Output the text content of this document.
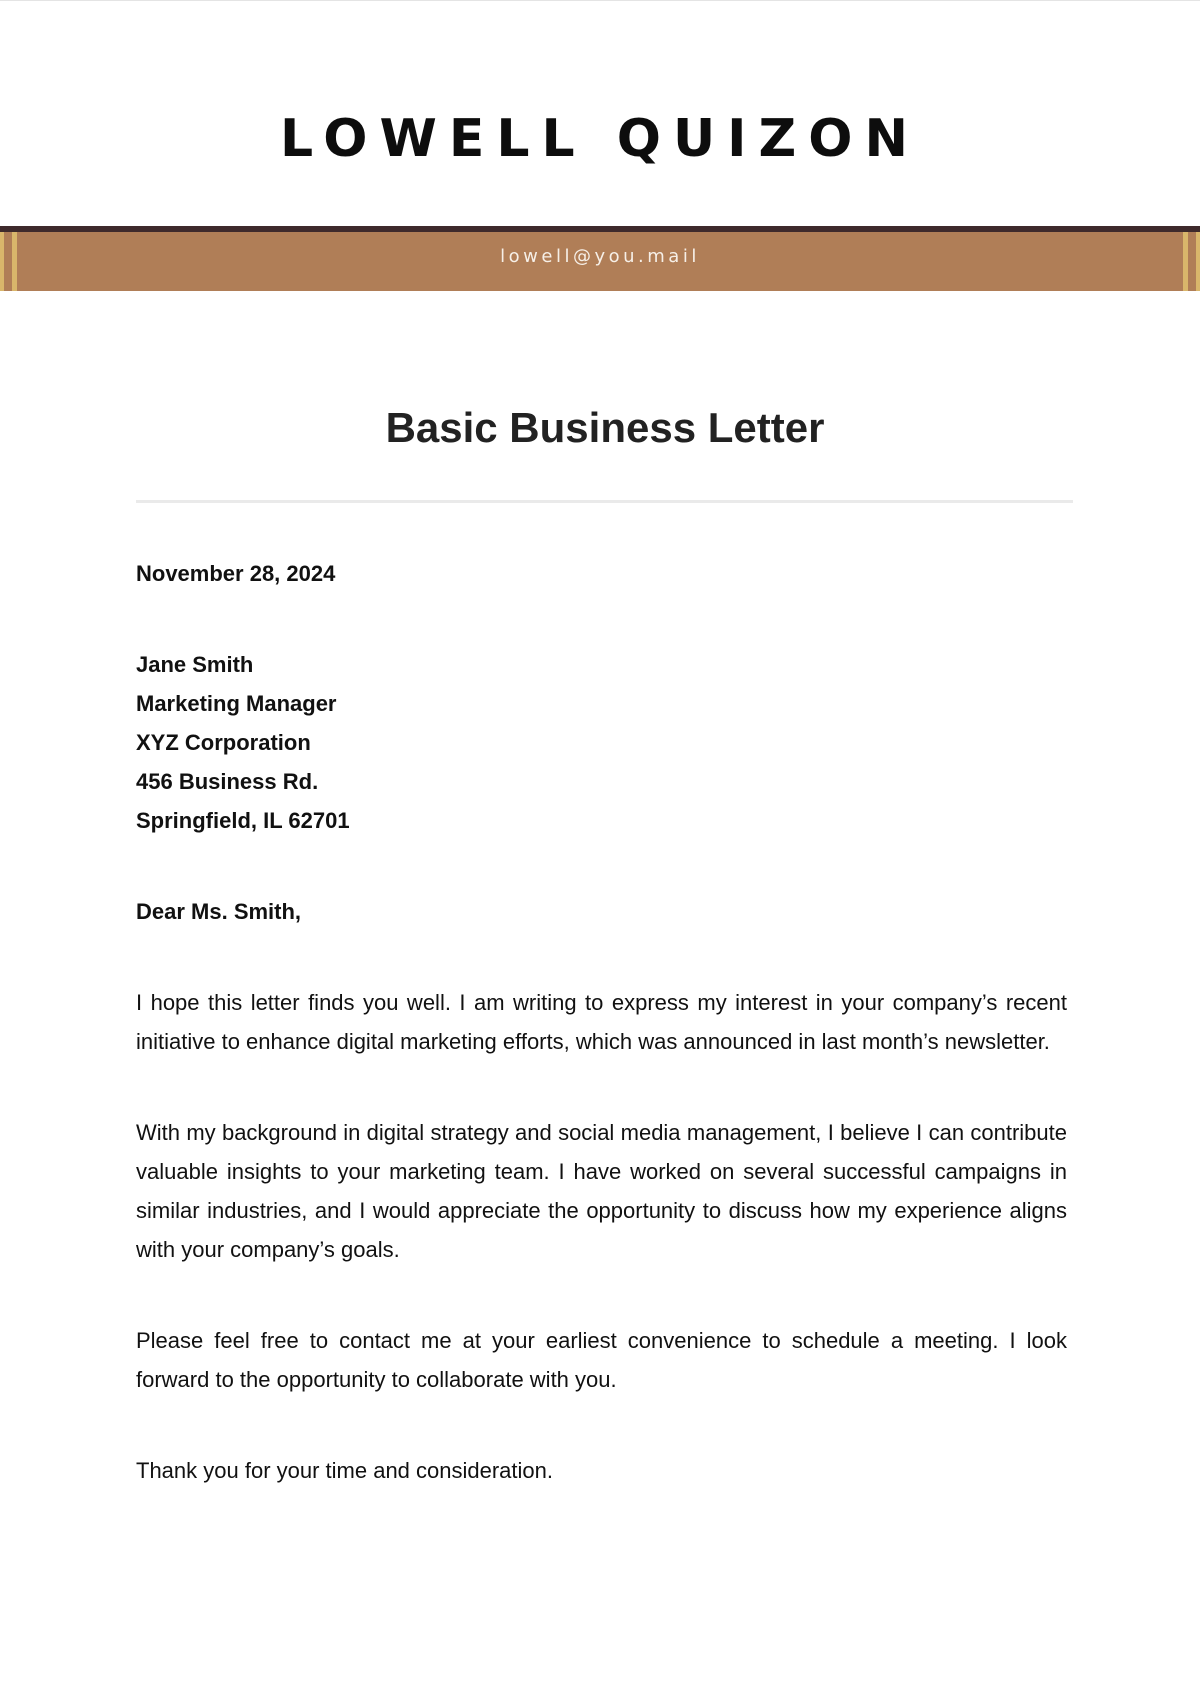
LOWELL QUIZON
lowell@you.mail
Basic Business Letter

November 28, 2024

Jane Smith

Marketing Manager

XYZ Corporation

456 Business Rd.

Springfield, IL 62701

Dear Ms. Smith,

I hope this letter finds you well. I am writing to express my interest in your company’s recent initiative to enhance digital marketing efforts, which was announced in last month’s newsletter.

With my background in digital strategy and social media management, I believe I can contribute valuable insights to your marketing team. I have worked on several successful campaigns in similar industries, and I would appreciate the opportunity to discuss how my experience aligns with your company’s goals.

Please feel free to contact me at your earliest convenience to schedule a meeting. I look forward to the opportunity to collaborate with you.

Thank you for your time and consideration.
